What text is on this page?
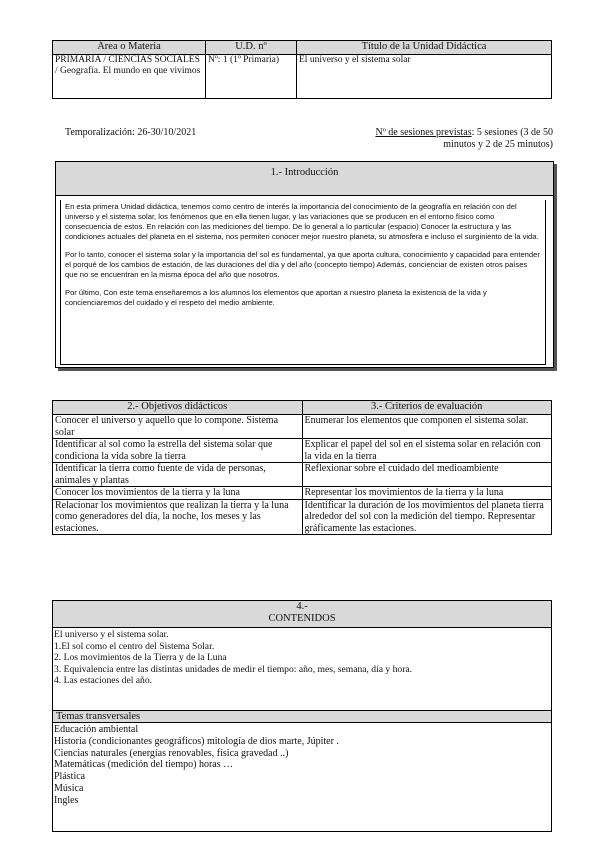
Área o Materia	U.D. nº	Título de la Unidad Didáctica
PRIMARIA / CIENCIAS SOCIALES / Geografía. El mundo en que vivimos	Nº: 1 (1º Primaria)	El universo y el sistema solar
Temporalización: 26-30/10/2021	Nº de sesiones previstas: 5 sesiones (3 de 50 minutos y 2 de 25 minutos)
1.- Introducción

En esta primera Unidad didáctica, tenemos como centro de interés la importancia del conocimiento de la geografía en relación con del universo y el sistema solar, los fenómenos que en ella tienen lugar, y las variaciones que se producen en el entorno físico como consecuencia de estos. En relación con las mediciones del tiempo. De lo general a lo particular (espacio) Conocer la estructura y las condiciones actuales del planeta en el sistema, nos permiten conocer mejor nuestro planeta, su atmosfera e incluso el surginiento de la vida.

Por lo tanto, conocer el sistema solar y la importancia del sol es fundamental, ya que aporta cultura, conocimiento y capacidad para entender el porqué de los cambios de estación, de las duraciones del día y del año (concepto tiempo) Además, concienciar de existen otros países que no se encuentran en la misma época del año que nosotros.

Por último, Con este tema enseñaremos a los alumnos los elementos que aportan a nuestro planeta la existencia de la vida y concienciaremos del cuidado y el respeto del medio ambiente.

2.- Objetivos didácticos	3.- Criterios de evaluación
Conocer el universo y aquello que lo compone. Sistema solar	Enumerar los elementos que componen el sistema solar.
Identificar al sol como la estrella del sistema solar que condiciona la vida sobre la tierra	Explicar el papel del sol en el sistema solar en relación con la vida en la tierra
Identificar la tierra como fuente de vida de personas, animales y plantas	Reflexionar sobre el cuidado del medioambiente
Conocer los movimientos de la tierra y la luna	Representar los movimientos de la tierra y la luna
Relacionar los movimientos que realizan la tierra y la luna como generadores del día, la noche, los meses y las estaciones.	Identificar la duración de los movimientos del planeta tierra alrededor del sol con la medición del tiempo. Representar gráficamente las estaciones.
4.-
CONTENIDOS
El universo y el sistema solar.
1.El sol como el centro del Sistema Solar.
2. Los movimientos de la Tierra y de la Luna
3. Equivalencia entre las distintas unidades de medir el tiempo: año, mes, semana, día y hora.
4. Las estaciones del año.
Temas transversales
Educación ambiental
Historia (condicionantes geográficos) mitología de dios marte, Júpiter .
Ciencias naturales (energías renovables, física gravedad ..)
Matemáticas (medición del tiempo) horas …
Plástica
Música
Ingles
